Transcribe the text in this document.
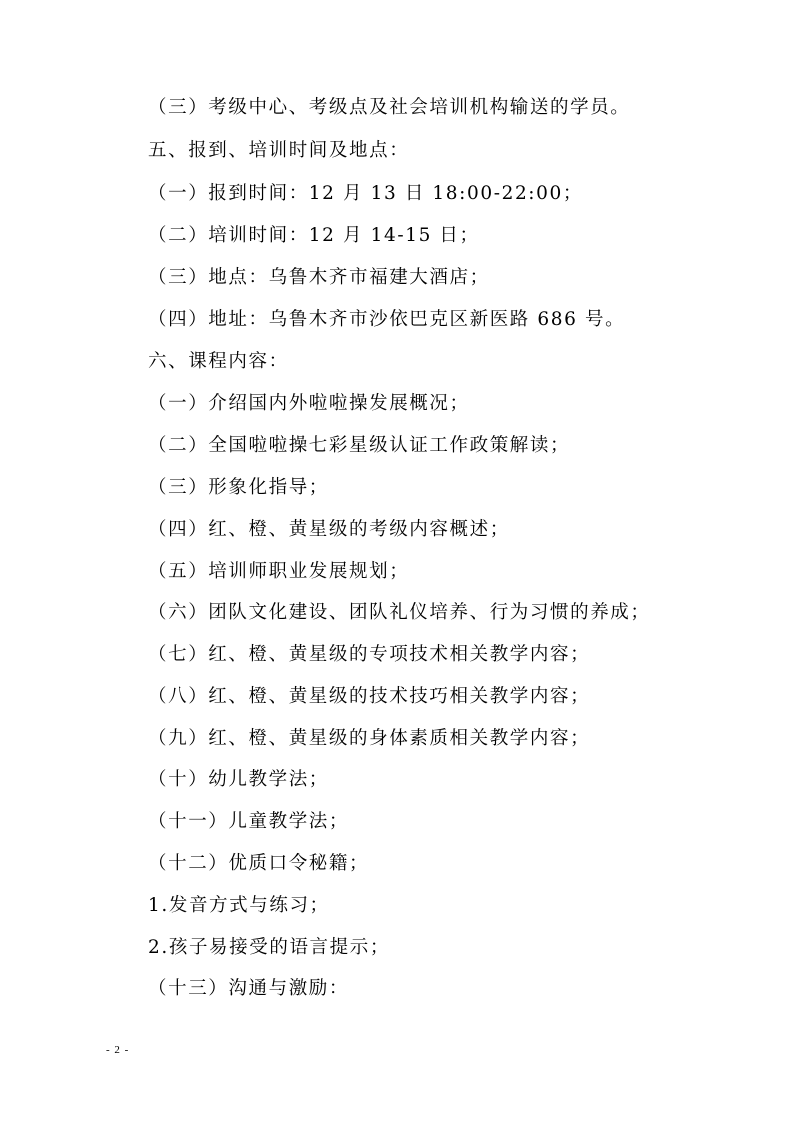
（三）考级中心、考级点及社会培训机构输送的学员。
五、报到、培训时间及地点：
（一）报到时间：12 月 13 日 18:00-22:00；
（二）培训时间：12 月 14-15 日；
（三）地点：乌鲁木齐市福建大酒店；
（四）地址：乌鲁木齐市沙依巴克区新医路 686 号。
六、课程内容：
（一）介绍国内外啦啦操发展概况；
（二）全国啦啦操七彩星级认证工作政策解读；
（三）形象化指导；
（四）红、橙、黄星级的考级内容概述；
（五）培训师职业发展规划；
（六）团队文化建设、团队礼仪培养、行为习惯的养成；
（七）红、橙、黄星级的专项技术相关教学内容；
（八）红、橙、黄星级的技术技巧相关教学内容；
（九）红、橙、黄星级的身体素质相关教学内容；
（十）幼儿教学法；
（十一）儿童教学法；
（十二）优质口令秘籍；
1.发音方式与练习；
2.孩子易接受的语言提示；
（十三）沟通与激励：
- 2 -
